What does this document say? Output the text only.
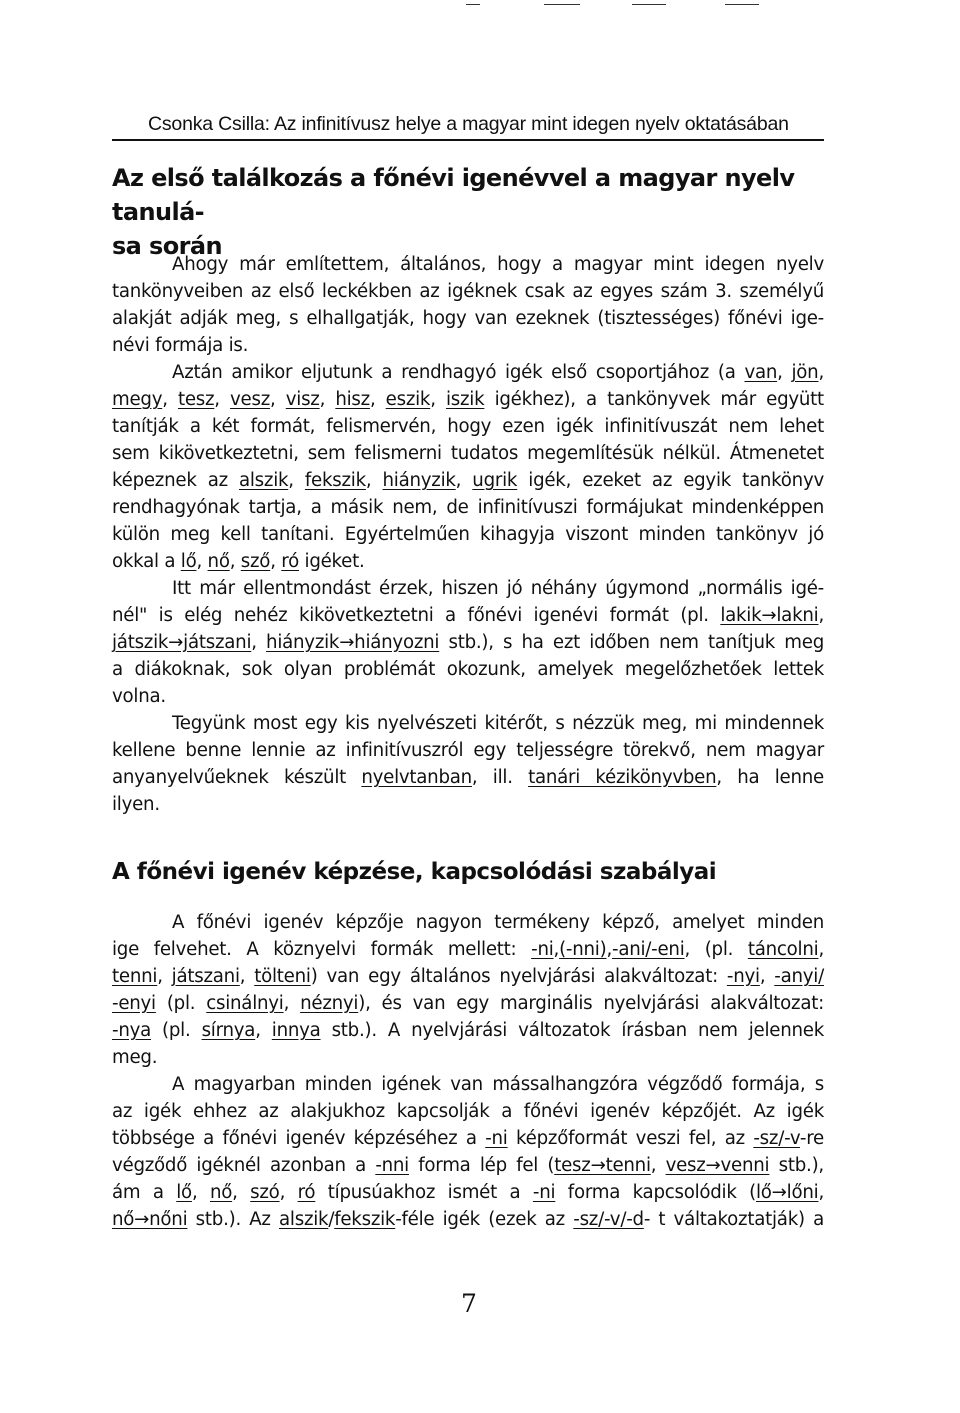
Csonka Csilla: Az infinitívusz helye a magyar mint idegen nyelv oktatásában
Az első találkozás a főnévi igenévvel a magyar nyelv tanulá-
sa során
Ahogy már említettem, általános, hogy a magyar mint idegen nyelv
tankönyveiben az első leckékben az igéknek csak az egyes szám 3. személyű
alakját adják meg, s elhallgatják, hogy van ezeknek (tisztességes) főnévi ige-
névi formája is.
Aztán amikor eljutunk a rendhagyó igék első csoportjához (a van, jön,
megy, tesz, vesz, visz, hisz, eszik, iszik igékhez), a tankönyvek már együtt
tanítják a két formát, felismervén, hogy ezen igék infinitívuszát nem lehet
sem kikövetkeztetni, sem felismerni tudatos megemlítésük nélkül. Átmenetet
képeznek az alszik, fekszik, hiányzik, ugrik igék, ezeket az egyik tankönyv
rendhagyónak tartja, a másik nem, de infinitívuszi formájukat mindenképpen
külön meg kell tanítani. Egyértelműen kihagyja viszont minden tankönyv jó
okkal a lő, nő, sző, ró igéket.
Itt már ellentmondást érzek, hiszen jó néhány úgymond „normális igé-
nél" is elég nehéz kikövetkeztetni a főnévi igenévi formát (pl. lakik→lakni,
játszik→játszani, hiányzik→hiányozni stb.), s ha ezt időben nem tanítjuk meg
a diákoknak, sok olyan problémát okozunk, amelyek megelőzhetőek lettek
volna.
Tegyünk most egy kis nyelvészeti kitérőt, s nézzük meg, mi mindennek
kellene benne lennie az infinitívuszról egy teljességre törekvő, nem magyar
anyanyelvűeknek készült nyelvtanban, ill. tanári kézikönyvben, ha lenne
ilyen.
A főnévi igenév képzése, kapcsolódási szabályai
A főnévi igenév képzője nagyon termékeny képző, amelyet minden
ige felvehet. A köznyelvi formák mellett: -ni,(-nni),-ani/-eni, (pl. táncolni,
tenni, játszani, tölteni) van egy általános nyelvjárási alakváltozat: -nyi, -anyi/
-enyi (pl. csinálnyi, néznyi), és van egy marginális nyelvjárási alakváltozat:
-nya (pl. sírnya, innya stb.). A nyelvjárási változatok írásban nem jelennek
meg.
A magyarban minden igének van mássalhangzóra végződő formája, s
az igék ehhez az alakjukhoz kapcsolják a főnévi igenév képzőjét. Az igék
többsége a főnévi igenév képzéséhez a -ni képzőformát veszi fel, az -sz/-v-re
végződő igéknél azonban a -nni forma lép fel (tesz→tenni, vesz→venni stb.),
ám a lő, nő, szó, ró típusúakhoz ismét a -ni forma kapcsolódik (lő→lőni,
nő→nőni stb.). Az alszik/fekszik-féle igék (ezek az -sz/-v/-d- t váltakoztatják) a
7
